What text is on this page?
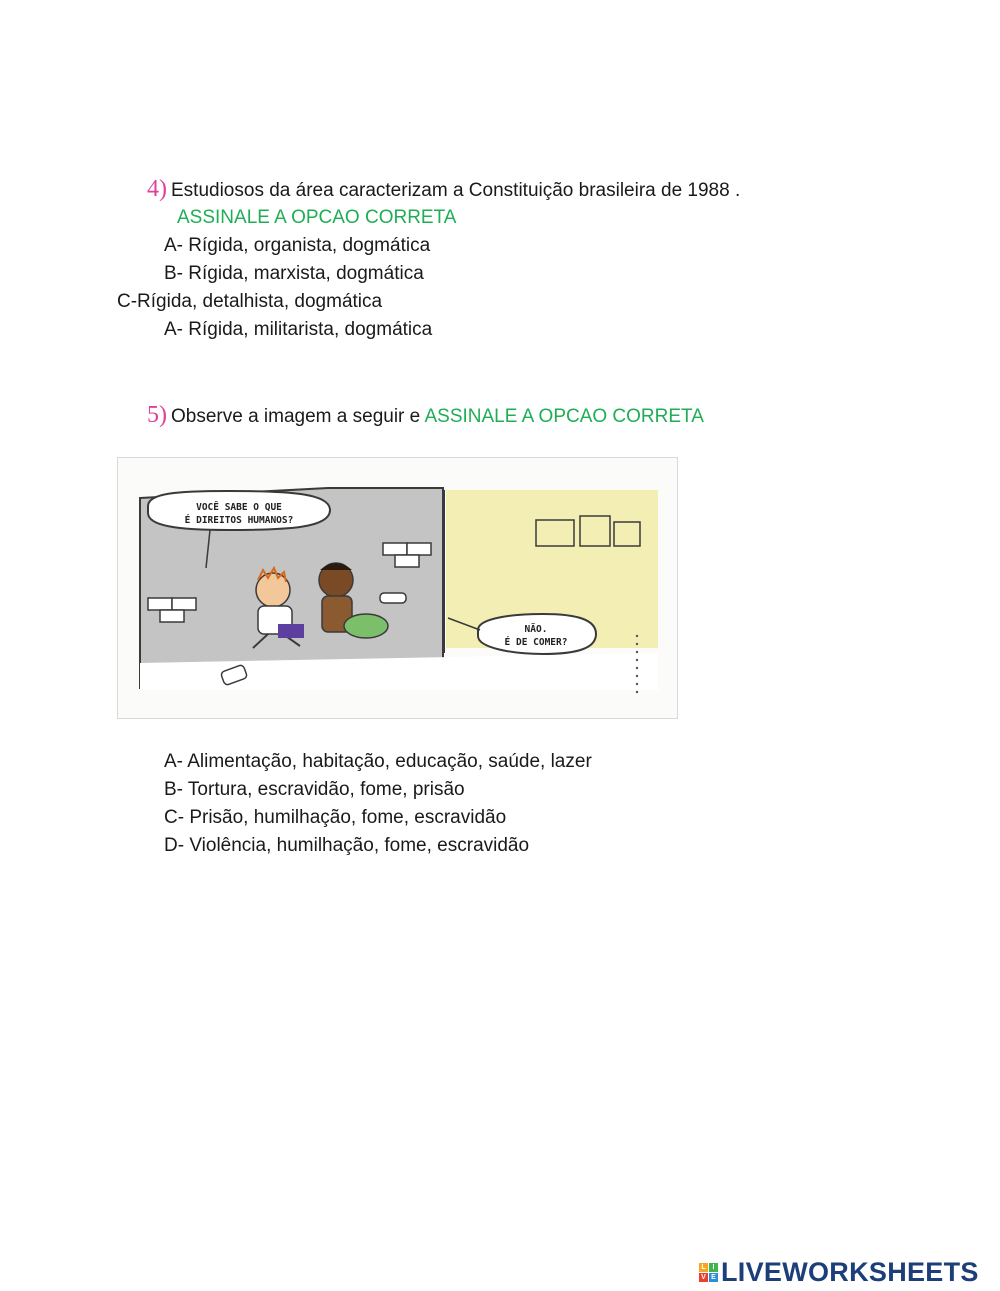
4) Estudiosos da área caracterizam a Constituição brasileira de 1988 .
ASSINALE A OPCAO CORRETA
A- Rígida, organista, dogmática
B- Rígida, marxista, dogmática
C-Rígida, detalhista, dogmática
A- Rígida, militarista, dogmática
5) Observe a imagem a seguir e ASSINALE A OPCAO CORRETA
VOCÊ SABE O QUE
É DIREITOS HUMANOS?
NÃO.
É DE COMER?
A- Alimentação, habitação, educação, saúde, lazer
B- Tortura, escravidão, fome, prisão
C- Prisão, humilhação, fome, escravidão
D- Violência, humilhação, fome, escravidão
L I
V E LIVEWORKSHEETS
